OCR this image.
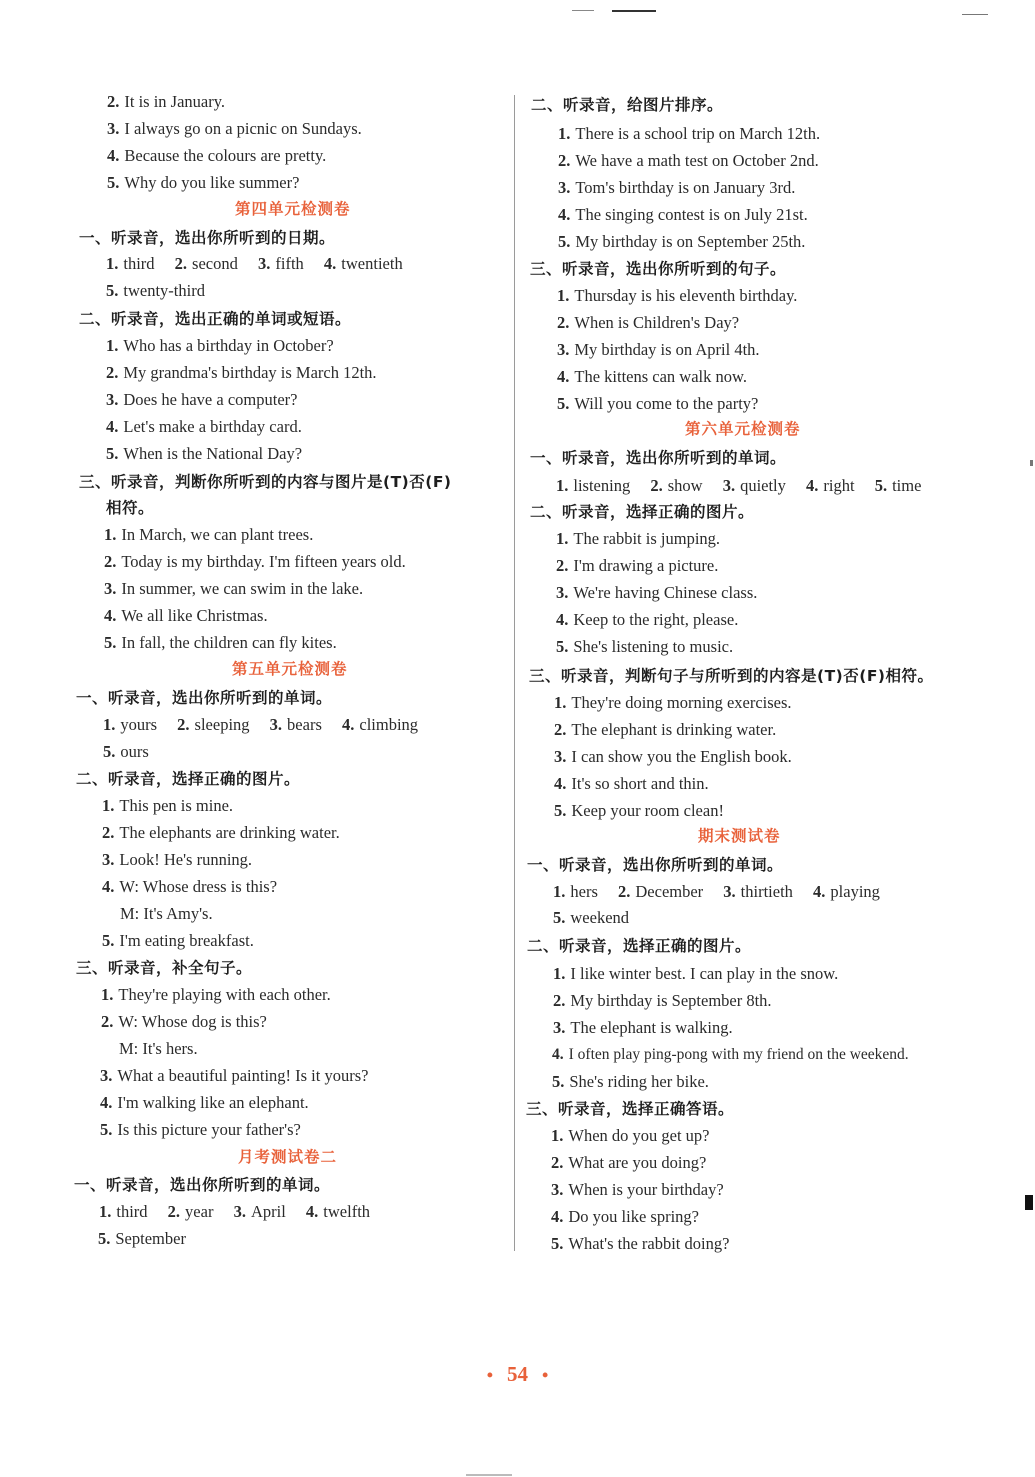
2. It is in January.
3. I always go on a picnic on Sundays.
4. Because the colours are pretty.
5. Why do you like summer?
第四单元检测卷
一、听录音，选出你所听到的日期。
1. third 2. second 3. fifth 4. twentieth
5. twenty-third
二、听录音，选出正确的单词或短语。
1. Who has a birthday in October?
2. My grandma's birthday is March 12th.
3. Does he have a computer?
4. Let's make a birthday card.
5. When is the National Day?
三、听录音，判断你所听到的内容与图片是(T)否(F)
相符。
1. In March, we can plant trees.
2. Today is my birthday. I'm fifteen years old.
3. In summer, we can swim in the lake.
4. We all like Christmas.
5. In fall, the children can fly kites.
第五单元检测卷
一、听录音，选出你所听到的单词。
1. yours 2. sleeping 3. bears 4. climbing
5. ours
二、听录音，选择正确的图片。
1. This pen is mine.
2. The elephants are drinking water.
3. Look! He's running.
4. W: Whose dress is this?
M: It's Amy's.
5. I'm eating breakfast.
三、听录音，补全句子。
1. They're playing with each other.
2. W: Whose dog is this?
M: It's hers.
3. What a beautiful painting! Is it yours?
4. I'm walking like an elephant.
5. Is this picture your father's?
月考测试卷二
一、听录音，选出你所听到的单词。
1. third 2. year 3. April 4. twelfth
5. September
二、听录音，给图片排序。
1. There is a school trip on March 12th.
2. We have a math test on October 2nd.
3. Tom's birthday is on January 3rd.
4. The singing contest is on July 21st.
5. My birthday is on September 25th.
三、听录音，选出你所听到的句子。
1. Thursday is his eleventh birthday.
2. When is Children's Day?
3. My birthday is on April 4th.
4. The kittens can walk now.
5. Will you come to the party?
第六单元检测卷
一、听录音，选出你所听到的单词。
1. listening 2. show 3. quietly 4. right 5. time
二、听录音，选择正确的图片。
1. The rabbit is jumping.
2. I'm drawing a picture.
3. We're having Chinese class.
4. Keep to the right, please.
5. She's listening to music.
三、听录音，判断句子与所听到的内容是(T)否(F)相符。
1. They're doing morning exercises.
2. The elephant is drinking water.
3. I can show you the English book.
4. It's so short and thin.
5. Keep your room clean!
期末测试卷
一、听录音，选出你所听到的单词。
1. hers 2. December 3. thirtieth 4. playing
5. weekend
二、听录音，选择正确的图片。
1. I like winter best. I can play in the snow.
2. My birthday is September 8th.
3. The elephant is walking.
4. I often play ping-pong with my friend on the weekend.
5. She's riding her bike.
三、听录音，选择正确答语。
1. When do you get up?
2. What are you doing?
3. When is your birthday?
4. Do you like spring?
5. What's the rabbit doing?
• 54 •
